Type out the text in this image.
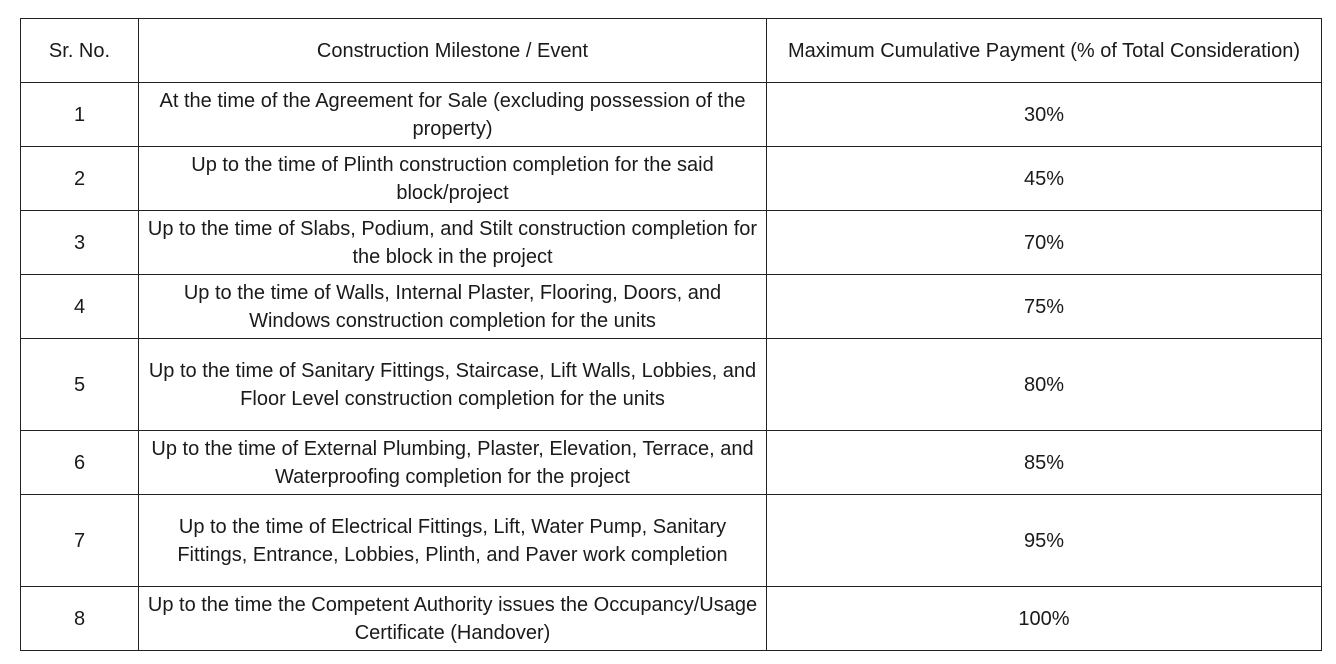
Sr. No.	Construction Milestone / Event	Maximum Cumulative Payment (% of Total Consideration)
1	At the time of the Agreement for Sale (excluding possession of the property)	30%
2	Up to the time of Plinth construction completion for the said block/project	45%
3	Up to the time of Slabs, Podium, and Stilt construction completion for the block in the project	70%
4	Up to the time of Walls, Internal Plaster, Flooring, Doors, and Windows construction completion for the units	75%
5	Up to the time of Sanitary Fittings, Staircase, Lift Walls, Lobbies, and Floor Level construction completion for the units	80%
6	Up to the time of External Plumbing, Plaster, Elevation, Terrace, and Waterproofing completion for the project	85%
7	Up to the time of Electrical Fittings, Lift, Water Pump, Sanitary Fittings, Entrance, Lobbies, Plinth, and Paver work completion	95%
8	Up to the time the Competent Authority issues the Occupancy/Usage Certificate (Handover)	100%
